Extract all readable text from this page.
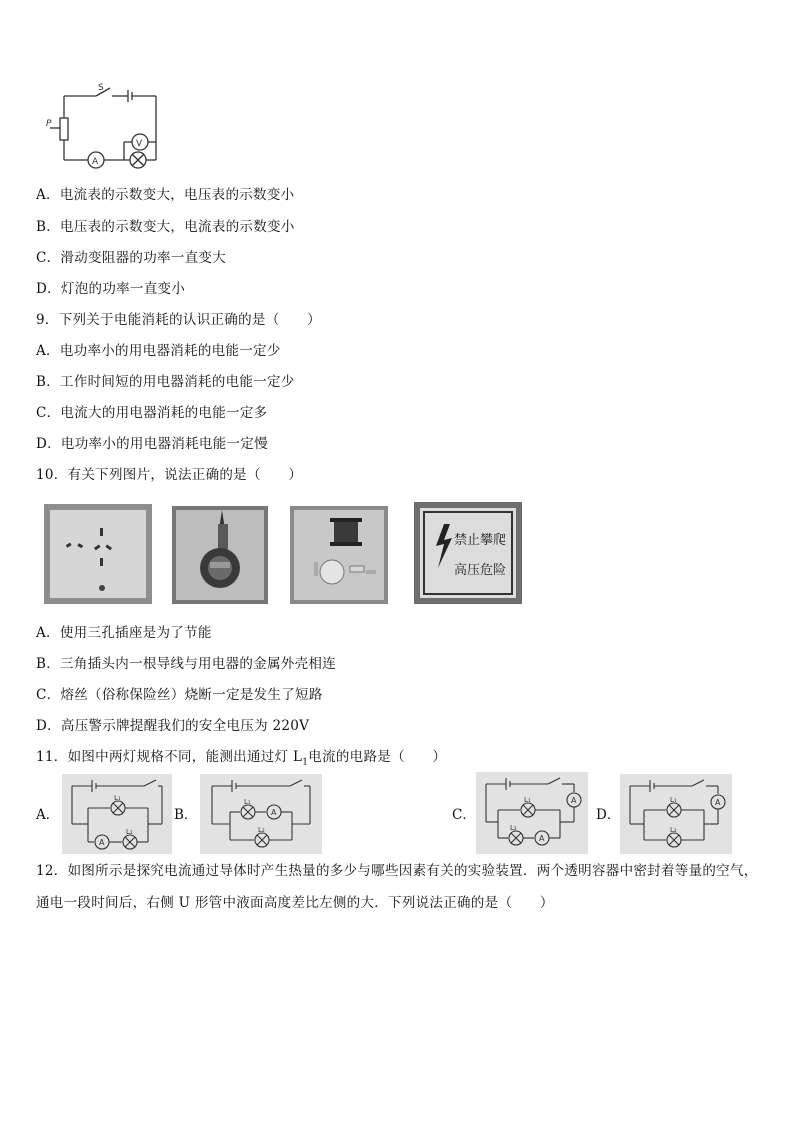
S
P
V
A
A．电流表的示数变大，电压表的示数变小
B．电压表的示数变大，电流表的示数变小
C．滑动变阻器的功率一直变大
D．灯泡的功率一直变小
9．下列关于电能消耗的认识正确的是（　　）
A．电功率小的用电器消耗的电能一定少
B．工作时间短的用电器消耗的电能一定少
C．电流大的用电器消耗的电能一定多
D．电功率小的用电器消耗电能一定慢
10．有关下列图片，说法正确的是（　　）
禁止攀爬
高压危险
A．使用三孔插座是为了节能
B．三角插头内一根导线与用电器的金属外壳相连
C．熔丝（俗称保险丝）烧断一定是发生了短路
D．高压警示牌提醒我们的安全电压为 220V
11．如图中两灯规格不同，能测出通过灯 $L_1$电流的电路是（　　）
A．	B．	C．	D．
L₁
L₂
A
L₁
L₂
A
A
L₁
L₂
A
A
L₁
L₂
12．如图所示是探究电流通过导体时产生热量的多少与哪些因素有关的实验装置．两个透明容器中密封着等量的空气，
通电一段时间后，右侧 U 形管中液面高度差比左侧的大．下列说法正确的是（　　）
